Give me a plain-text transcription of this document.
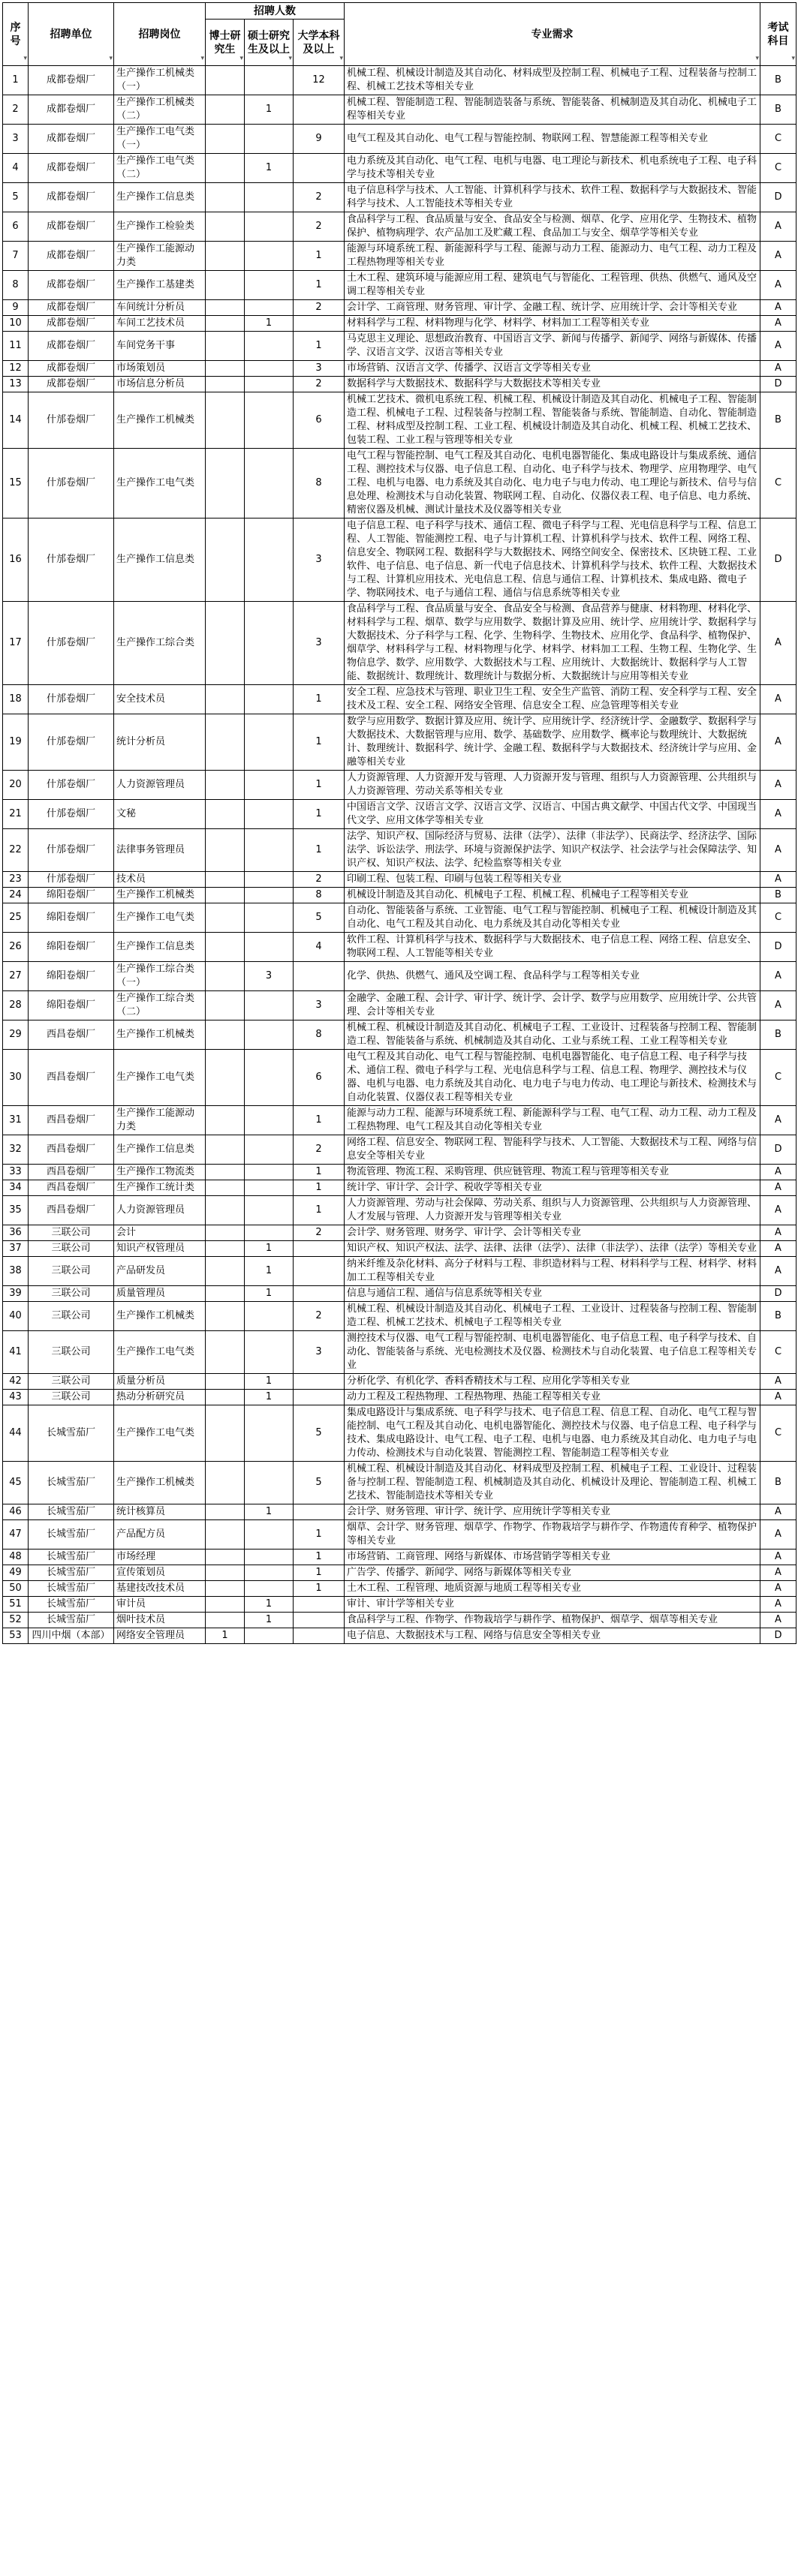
序号 ▾	招聘单位 ▾	招聘岗位 ▾	招聘人数			专业需求 ▾	考试科目 ▾
			博士研究生 ▾	硕士研究生及以上 ▾	大学本科及以上 ▾
1	成都卷烟厂	生产操作工机械类（一）			12	机械工程、机械设计制造及其自动化、材料成型及控制工程、机械电子工程、过程装备与控制工程、机械工艺技术等相关专业	B
2	成都卷烟厂	生产操作工机械类（二）		1		机械工程、智能制造工程、智能制造装备与系统、智能装备、机械制造及其自动化、机械电子工程等相关专业	B
3	成都卷烟厂	生产操作工电气类（一）			9	电气工程及其自动化、电气工程与智能控制、物联网工程、智慧能源工程等相关专业	C
4	成都卷烟厂	生产操作工电气类（二）		1		电力系统及其自动化、电气工程、电机与电器、电工理论与新技术、机电系统电子工程、电子科学与技术等相关专业	C
5	成都卷烟厂	生产操作工信息类			2	电子信息科学与技术、人工智能、计算机科学与技术、软件工程、数据科学与大数据技术、智能科学与技术、人工智能技术等相关专业	D
6	成都卷烟厂	生产操作工检验类			2	食品科学与工程、食品质量与安全、食品安全与检测、烟草、化学、应用化学、生物技术、植物保护、植物病理学、农产品加工及贮藏工程、食品加工与安全、烟草学等相关专业	A
7	成都卷烟厂	生产操作工能源动力类			1	能源与环境系统工程、新能源科学与工程、能源与动力工程、能源动力、电气工程、动力工程及工程热物理等相关专业	A
8	成都卷烟厂	生产操作工基建类			1	土木工程、建筑环境与能源应用工程、建筑电气与智能化、工程管理、供热、供燃气、通风及空调工程等相关专业	A
9	成都卷烟厂	车间统计分析员			2	会计学、工商管理、财务管理、审计学、金融工程、统计学、应用统计学、会计等相关专业	A
10	成都卷烟厂	车间工艺技术员		1		材料科学与工程、材料物理与化学、材料学、材料加工工程等相关专业	A
11	成都卷烟厂	车间党务干事			1	马克思主义理论、思想政治教育、中国语言文学、新闻与传播学、新闻学、网络与新媒体、传播学、汉语言文学、汉语言等相关专业	A
12	成都卷烟厂	市场策划员			3	市场营销、汉语言文学、传播学、汉语言文学等相关专业	A
13	成都卷烟厂	市场信息分析员			2	数据科学与大数据技术、数据科学与大数据技术等相关专业	D
14	什邡卷烟厂	生产操作工机械类			6	机械工艺技术、微机电系统工程、机械工程、机械设计制造及其自动化、机械电子工程、智能制造工程、机械电子工程、过程装备与控制工程、智能装备与系统、智能制造、自动化、智能制造工程、材料成型及控制工程、工业工程、机械设计制造及其自动化、机械工程、机械工艺技术、包装工程、工业工程与管理等相关专业	B
15	什邡卷烟厂	生产操作工电气类			8	电气工程与智能控制、电气工程及其自动化、电机电器智能化、集成电路设计与集成系统、通信工程、测控技术与仪器、电子信息工程、自动化、电子科学与技术、物理学、应用物理学、电气工程、电机与电器、电力系统及其自动化、电力电子与电力传动、电工理论与新技术、信号与信息处理、检测技术与自动化装置、物联网工程、自动化、仪器仪表工程、电子信息、电力系统、精密仪器及机械、测试计量技术及仪器等相关专业	C
16	什邡卷烟厂	生产操作工信息类			3	电子信息工程、电子科学与技术、通信工程、微电子科学与工程、光电信息科学与工程、信息工程、人工智能、智能测控工程、电子与计算机工程、计算机科学与技术、软件工程、网络工程、信息安全、物联网工程、数据科学与大数据技术、网络空间安全、保密技术、区块链工程、工业软件、电子信息、电子信息、新一代电子信息技术、计算机科学与技术、软件工程、大数据技术与工程、计算机应用技术、光电信息工程、信息与通信工程、计算机技术、集成电路、微电子学、物联网技术、电子与通信工程、通信与信息系统等相关专业	D
17	什邡卷烟厂	生产操作工综合类			3	食品科学与工程、食品质量与安全、食品安全与检测、食品营养与健康、材料物理、材料化学、材料科学与工程、烟草、数学与应用数学、数据计算及应用、统计学、应用统计学、数据科学与大数据技术、分子科学与工程、化学、生物科学、生物技术、应用化学、食品科学、植物保护、烟草学、材料科学与工程、材料物理与化学、材料学、材料加工工程、生物工程、生物化学、生物信息学、数学、应用数学、大数据技术与工程、应用统计、大数据统计、数据科学与人工智能、数据统计、数理统计、数理统计与数据分析、大数据统计与应用等相关专业	A
18	什邡卷烟厂	安全技术员			1	安全工程、应急技术与管理、职业卫生工程、安全生产监管、消防工程、安全科学与工程、安全技术及工程、安全工程、网络安全管理、信息安全工程、应急管理等相关专业	A
19	什邡卷烟厂	统计分析员			1	数学与应用数学、数据计算及应用、统计学、应用统计学、经济统计学、金融数学、数据科学与大数据技术、大数据管理与应用、数学、基础数学、应用数学、概率论与数理统计、大数据统计、数理统计、数据科学、统计学、金融工程、数据科学与大数据技术、经济统计学与应用、金融等相关专业	A
20	什邡卷烟厂	人力资源管理员			1	人力资源管理、人力资源开发与管理、人力资源开发与管理、组织与人力资源管理、公共组织与人力资源管理、劳动关系等相关专业	A
21	什邡卷烟厂	文秘			1	中国语言文学、汉语言文学、汉语言文学、汉语言、中国古典文献学、中国古代文学、中国现当代文学、应用文体学等相关专业	A
22	什邡卷烟厂	法律事务管理员			1	法学、知识产权、国际经济与贸易、法律（法学）、法律（非法学）、民商法学、经济法学、国际法学、诉讼法学、刑法学、环境与资源保护法学、知识产权法学、社会法学与社会保障法学、知识产权、知识产权法、法学、纪检监察等相关专业	A
23	什邡卷烟厂	技术员			2	印刷工程、包装工程、印刷与包装工程等相关专业	A
24	绵阳卷烟厂	生产操作工机械类			8	机械设计制造及其自动化、机械电子工程、机械工程、机械电子工程等相关专业	B
25	绵阳卷烟厂	生产操作工电气类			5	自动化、智能装备与系统、工业智能、电气工程与智能控制、机械电子工程、机械设计制造及其自动化、电气工程及其自动化、电力系统及其自动化等相关专业	C
26	绵阳卷烟厂	生产操作工信息类			4	软件工程、计算机科学与技术、数据科学与大数据技术、电子信息工程、网络工程、信息安全、物联网工程、人工智能等相关专业	D
27	绵阳卷烟厂	生产操作工综合类（一）		3		化学、供热、供燃气、通风及空调工程、食品科学与工程等相关专业	A
28	绵阳卷烟厂	生产操作工综合类（二）			3	金融学、金融工程、会计学、审计学、统计学、会计学、数学与应用数学、应用统计学、公共管理、会计等相关专业	A
29	西昌卷烟厂	生产操作工机械类			8	机械工程、机械设计制造及其自动化、机械电子工程、工业设计、过程装备与控制工程、智能制造工程、智能装备与系统、机械制造及其自动化、工业与系统工程、工业工程等相关专业	B
30	西昌卷烟厂	生产操作工电气类			6	电气工程及其自动化、电气工程与智能控制、电机电器智能化、电子信息工程、电子科学与技术、通信工程、微电子科学与工程、光电信息科学与工程、信息工程、物理学、测控技术与仪器、电机与电器、电力系统及其自动化、电力电子与电力传动、电工理论与新技术、检测技术与自动化装置、仪器仪表工程等相关专业	C
31	西昌卷烟厂	生产操作工能源动力类			1	能源与动力工程、能源与环境系统工程、新能源科学与工程、电气工程、动力工程、动力工程及工程热物理、电气工程及其自动化等相关专业	A
32	西昌卷烟厂	生产操作工信息类			2	网络工程、信息安全、物联网工程、智能科学与技术、人工智能、大数据技术与工程、网络与信息安全等相关专业	D
33	西昌卷烟厂	生产操作工物流类			1	物流管理、物流工程、采购管理、供应链管理、物流工程与管理等相关专业	A
34	西昌卷烟厂	生产操作工统计类			1	统计学、审计学、会计学、税收学等相关专业	A
35	西昌卷烟厂	人力资源管理员			1	人力资源管理、劳动与社会保障、劳动关系、组织与人力资源管理、公共组织与人力资源管理、人才发展与管理、人力资源开发与管理等相关专业	A
36	三联公司	会计			2	会计学、财务管理、财务学、审计学、会计等相关专业	A
37	三联公司	知识产权管理员		1		知识产权、知识产权法、法学、法律、法律（法学）、法律（非法学）、法律（法学）等相关专业	A
38	三联公司	产品研发员		1		纳米纤维及杂化材料、高分子材料与工程、非织造材料与工程、材料科学与工程、材料学、材料加工工程等相关专业	A
39	三联公司	质量管理员		1		信息与通信工程、通信与信息系统等相关专业	D
40	三联公司	生产操作工机械类			2	机械工程、机械设计制造及其自动化、机械电子工程、工业设计、过程装备与控制工程、智能制造工程、机械工艺技术、机械电子工程等相关专业	B
41	三联公司	生产操作工电气类			3	测控技术与仪器、电气工程与智能控制、电机电器智能化、电子信息工程、电子科学与技术、自动化、智能装备与系统、光电检测技术及仪器、检测技术与自动化装置、电子信息工程等相关专业	C
42	三联公司	质量分析员		1		分析化学、有机化学、香料香精技术与工程、应用化学等相关专业	A
43	三联公司	热动分析研究员		1		动力工程及工程热物理、工程热物理、热能工程等相关专业	A
44	长城雪茄厂	生产操作工电气类			5	集成电路设计与集成系统、电子科学与技术、电子信息工程、信息工程、自动化、电气工程与智能控制、电气工程及其自动化、电机电器智能化、测控技术与仪器、电子信息工程、电子科学与技术、集成电路设计、电气工程、电子工程、电机与电器、电力系统及其自动化、电力电子与电力传动、检测技术与自动化装置、智能测控工程、智能制造工程等相关专业	C
45	长城雪茄厂	生产操作工机械类			5	机械工程、机械设计制造及其自动化、材料成型及控制工程、机械电子工程、工业设计、过程装备与控制工程、智能制造工程、机械制造及其自动化、机械设计及理论、智能制造工程、机械工艺技术、智能制造技术等相关专业	B
46	长城雪茄厂	统计核算员		1		会计学、财务管理、审计学、统计学、应用统计学等相关专业	A
47	长城雪茄厂	产品配方员			1	烟草、会计学、财务管理、烟草学、作物学、作物栽培学与耕作学、作物遗传育种学、植物保护等相关专业	A
48	长城雪茄厂	市场经理			1	市场营销、工商管理、网络与新媒体、市场营销学等相关专业	A
49	长城雪茄厂	宣传策划员			1	广告学、传播学、新闻学、网络与新媒体等相关专业	A
50	长城雪茄厂	基建技改技术员			1	土木工程、工程管理、地质资源与地质工程等相关专业	A
51	长城雪茄厂	审计员		1		审计、审计学等相关专业	A
52	长城雪茄厂	烟叶技术员		1		食品科学与工程、作物学、作物栽培学与耕作学、植物保护、烟草学、烟草等相关专业	A
53	四川中烟（本部）	网络安全管理员	1			电子信息、大数据技术与工程、网络与信息安全等相关专业	D
